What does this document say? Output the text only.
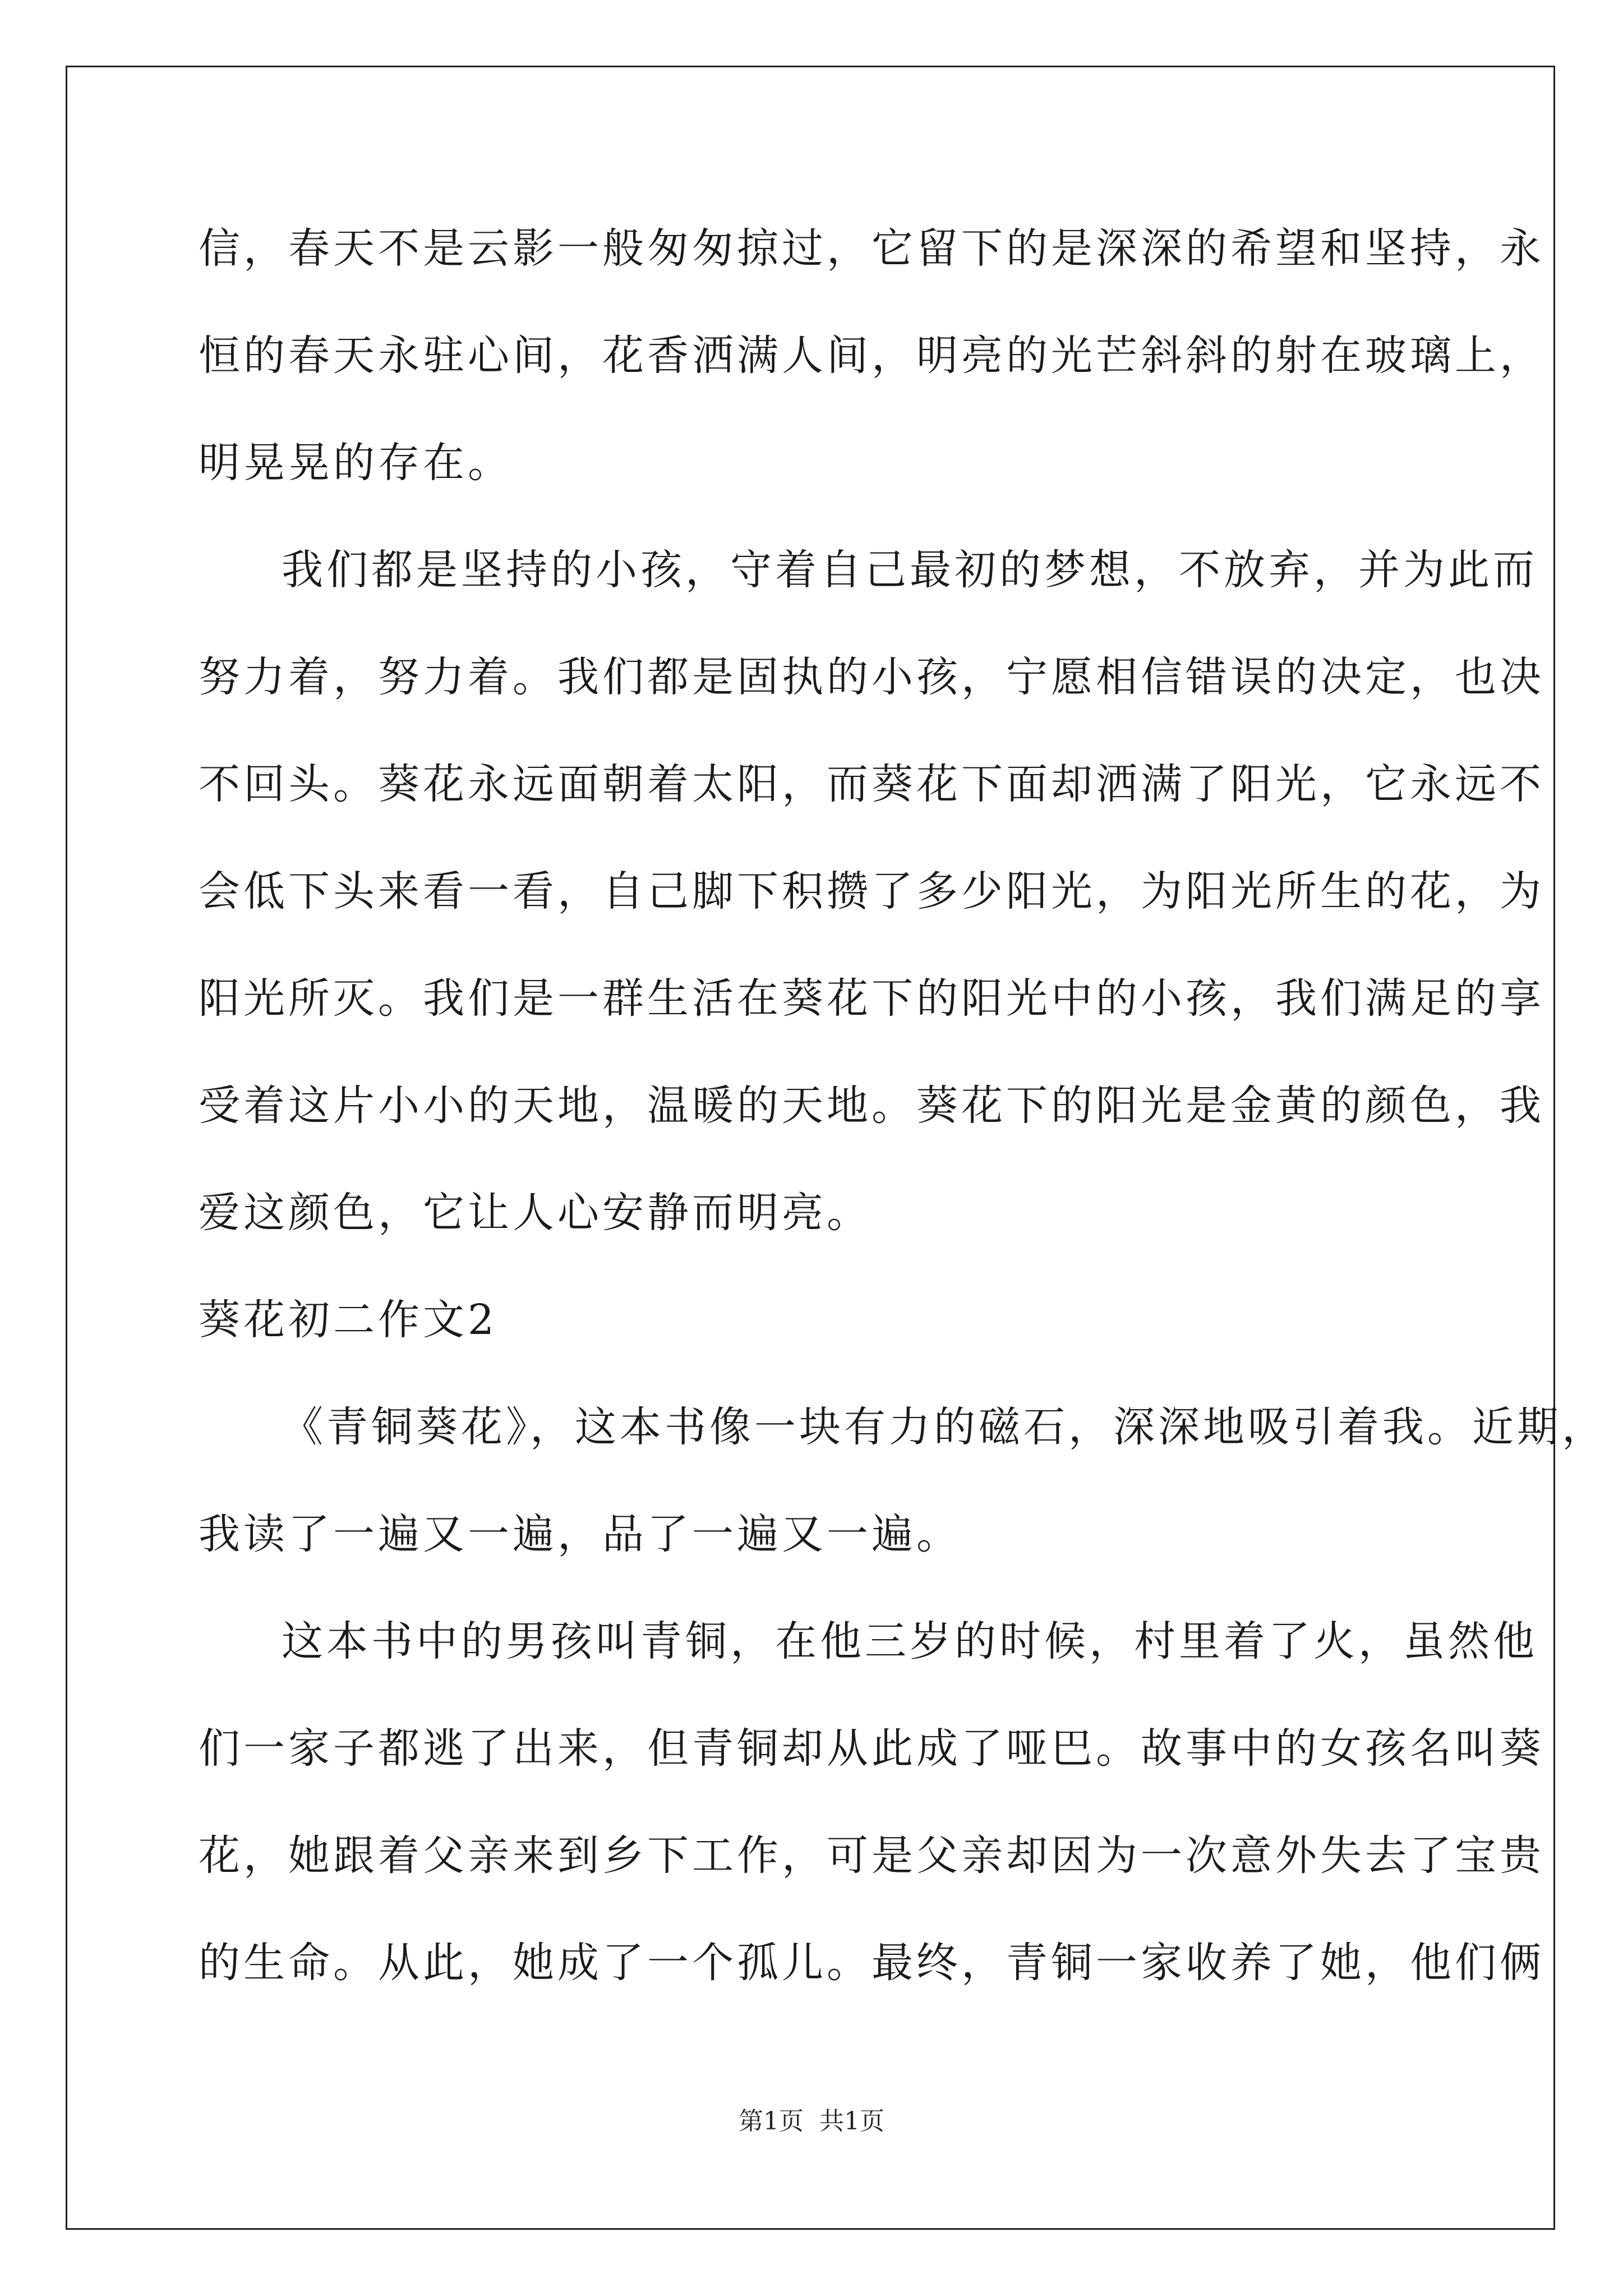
信，春天不是云影一般匆匆掠过，它留下的是深深的希望和坚持，永
恒的春天永驻心间，花香洒满人间，明亮的光芒斜斜的射在玻璃上，
明晃晃的存在。
我们都是坚持的小孩，守着自己最初的梦想，不放弃，并为此而
努力着，努力着。我们都是固执的小孩，宁愿相信错误的决定，也决
不回头。葵花永远面朝着太阳，而葵花下面却洒满了阳光，它永远不
会低下头来看一看，自己脚下积攒了多少阳光，为阳光所生的花，为
阳光所灭。我们是一群生活在葵花下的阳光中的小孩，我们满足的享
受着这片小小的天地，温暖的天地。葵花下的阳光是金黄的颜色，我
爱这颜色，它让人心安静而明亮。
葵花初二作文2
《青铜葵花》，这本书像一块有力的磁石，深深地吸引着我。近期，
我读了一遍又一遍，品了一遍又一遍。
这本书中的男孩叫青铜，在他三岁的时候，村里着了火，虽然他
们一家子都逃了出来，但青铜却从此成了哑巴。故事中的女孩名叫葵
花，她跟着父亲来到乡下工作，可是父亲却因为一次意外失去了宝贵
的生命。从此，她成了一个孤儿。最终，青铜一家收养了她，他们俩
第1页 共1页
